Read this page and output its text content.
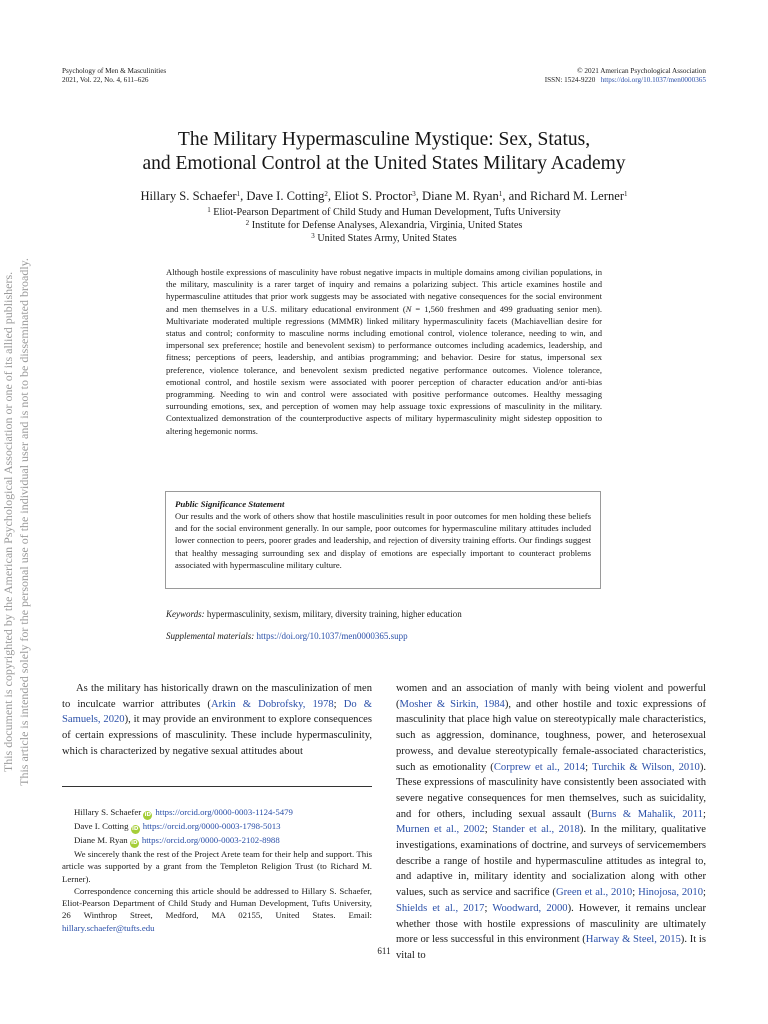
Psychology of Men & Masculinities
2021, Vol. 22, No. 4, 611–626
© 2021 American Psychological Association
ISSN: 1524-9220 https://doi.org/10.1037/men0000365
This document is copyrighted by the American Psychological Association or one of its allied publishers. This article is intended solely for the personal use of the individual user and is not to be disseminated broadly.
The Military Hypermasculine Mystique: Sex, Status,
and Emotional Control at the United States Military Academy
Hillary S. Schaefer$^1$, Dave I. Cotting$^2$, Eliot S. Proctor$^3$, Diane M. Ryan$^1$, and Richard M. Lerner$^1$
$^1$ Eliot-Pearson Department of Child Study and Human Development, Tufts University
$^2$ Institute for Defense Analyses, Alexandria, Virginia, United States
$^3$ United States Army, United States
Although hostile expressions of masculinity have robust negative impacts in multiple domains among civilian populations, in the military, masculinity is a rarer target of inquiry and remains a polarizing subject. This article examines hostile and hypermasculine attitudes that prior work suggests may be associated with negative consequences for the social environment and men themselves in a U.S. military educational environment (N = 1,560 freshmen and 499 graduating senior men). Multivariate moderated multiple regressions (MMMR) linked military hypermasculinity facets (Machiavellian desire for status and control; conformity to masculine norms including emotional control, violence tolerance, needing to win, and impersonal sex preference; hostile and benevolent sexism) to performance outcomes including academics, leadership, and fitness; perceptions of peers, leadership, and antibias programming; and behavior. Desire for status, impersonal sex preference, violence tolerance, and benevolent sexism predicted negative performance outcomes. Violence tolerance, emotional control, and hostile sexism were associated with poorer perception of character education and/or anti-bias programming. Needing to win and control were associated with positive performance outcomes. Healthy messaging surrounding emotions, sex, and perception of women may help assuage toxic expressions of masculinity in the military. Contextualized demonstration of the counterproductive aspects of military hypermasculinity might sidestep opposition to altering hegemonic norms.
Public Significance Statement
Our results and the work of others show that hostile masculinities result in poor outcomes for men holding these beliefs and for the social environment generally. In our sample, poor outcomes for hypermasculine military attitudes included lower connection to peers, poorer grades and leadership, and rejection of diversity training efforts. Our findings suggest that healthy messaging surrounding sex and display of emotions are especially important to counteract problems associated with hypermasculine military culture.
Keywords: hypermasculinity, sexism, military, diversity training, higher education
Supplemental materials: https://doi.org/10.1037/men0000365.supp

As the military has historically drawn on the masculinization of men to inculcate warrior attributes (Arkin & Dobrofsky, 1978; Do & Samuels, 2020), it may provide an environment to explore consequences of certain expressions of masculinity. These include hypermasculinity, which is characterized by negative sexual attitudes about

Hillary S. Schaefer iD https://orcid.org/0000-0003-1124-5479
Dave I. Cotting iD https://orcid.org/0000-0003-1798-5013
Diane M. Ryan iD https://orcid.org/0000-0003-2102-8988

We sincerely thank the rest of the Project Arete team for their help and support. This article was supported by a grant from the Templeton Religion Trust (to Richard M. Lerner).

Correspondence concerning this article should be addressed to Hillary S. Schaefer, Eliot-Pearson Department of Child Study and Human Development, Tufts University, 26 Winthrop Street, Medford, MA 02155, United States. Email: hillary.schaefer@tufts.edu

women and an association of manly with being violent and powerful (Mosher & Sirkin, 1984), and other hostile and toxic expressions of masculinity that place high value on stereotypically male characteristics, such as aggression, dominance, toughness, power, and heterosexual prowess, and devalue stereotypically female-associated characteristics, such as emotionality (Corprew et al., 2014; Turchik & Wilson, 2010). These expressions of masculinity have consistently been associated with severe negative consequences for men themselves, such as suicidality, and for others, including sexual assault (Burns & Mahalik, 2011; Murnen et al., 2002; Stander et al., 2018). In the military, qualitative investigations, examinations of doctrine, and surveys of servicemembers describe a range of hostile and hypermasculine attitudes as integral to, and adaptive in, military identity and socialization along with other values, such as service and sacrifice (Green et al., 2010; Hinojosa, 2010; Shields et al., 2017; Woodward, 2000). However, it remains unclear whether those with hostile expressions of masculinity are ultimately more or less successful in this environment (Harway & Steel, 2015). It is vital to

611
